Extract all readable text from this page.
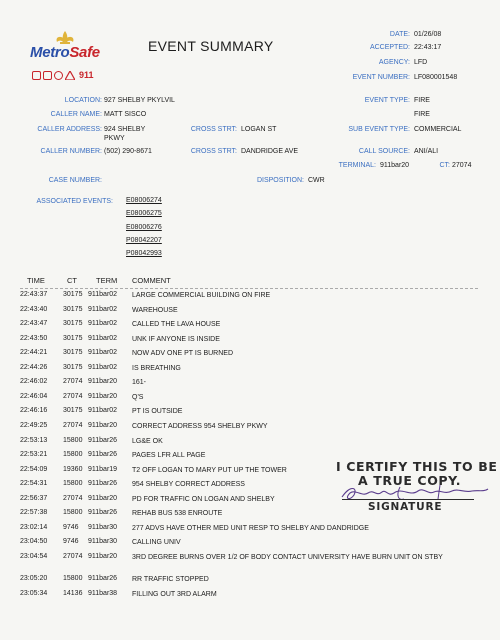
MetroSafe
911
EVENT SUMMARY
DATE: 01/26/08
ACCEPTED: 22:43:17
AGENCY: LFD
EVENT NUMBER: LF080001548
LOCATION: 927 SHELBY PKYLVIL	EVENT TYPE: FIRE
CALLER NAME: MATT SISCO	FIRE
CALLER ADDRESS: 924 SHELBY
PKWY
CROSS STRT: LOGAN ST	SUB EVENT TYPE: COMMERCIAL
CALLER NUMBER: (502) 290-8671	CROSS STRT: DANDRIDGE AVE	CALL SOURCE: ANI/ALI
TERMINAL: 911bar20	CT: 27074
CASE NUMBER:	DISPOSITION: CWR
ASSOCIATED EVENTS: E08006274
E08006275
E08006276
P08042207
P08042993
TIME	CT	TERM COMMENT
22:43:37 30175 911bar02 LARGE COMMERCIAL BUILDING ON FIRE
22:43:40 30175 911bar02 WAREHOUSE
22:43:47 30175 911bar02 CALLED THE LAVA HOUSE
22:43:50 30175 911bar02 UNK IF ANYONE IS INSIDE
22:44:21 30175 911bar02 NOW ADV ONE PT IS BURNED
22:44:26 30175 911bar02 IS BREATHING
22:46:02 27074 911bar20 161-
22:46:04 27074 911bar20 Q'S
22:46:16 30175 911bar02 PT IS OUTSIDE
22:49:25 27074 911bar20 CORRECT ADDRESS 954 SHELBY PKWY
22:53:13 15800 911bar26 LG&E OK
22:53:21 15800 911bar26 PAGES LFR ALL PAGE
22:54:09 19360 911bar19 T2 OFF LOGAN TO MARY PUT UP THE TOWER
22:54:31 15800 911bar26 954 SHELBY CORRECT ADDRESS
22:56:37 27074 911bar20 PD FOR TRAFFIC ON LOGAN AND SHELBY
22:57:38 15800 911bar26 REHAB BUS 538 ENROUTE
23:02:14 9746 911bar30 277 ADVS HAVE OTHER MED UNIT RESP TO SHELBY AND DANDRIDGE
23:04:50 9746 911bar30 CALLING UNIV
23:04:54 27074 911bar20 3RD DEGREE BURNS OVER 1/2 OF BODY CONTACT UNIVERSITY HAVE BURN UNIT ON STBY
23:05:20 15800 911bar26 RR TRAFFIC STOPPED
23:05:34 14136 911bar38 FILLING OUT 3RD ALARM
I CERTIFY THIS TO BE
A TRUE COPY.
SIGNATURE
